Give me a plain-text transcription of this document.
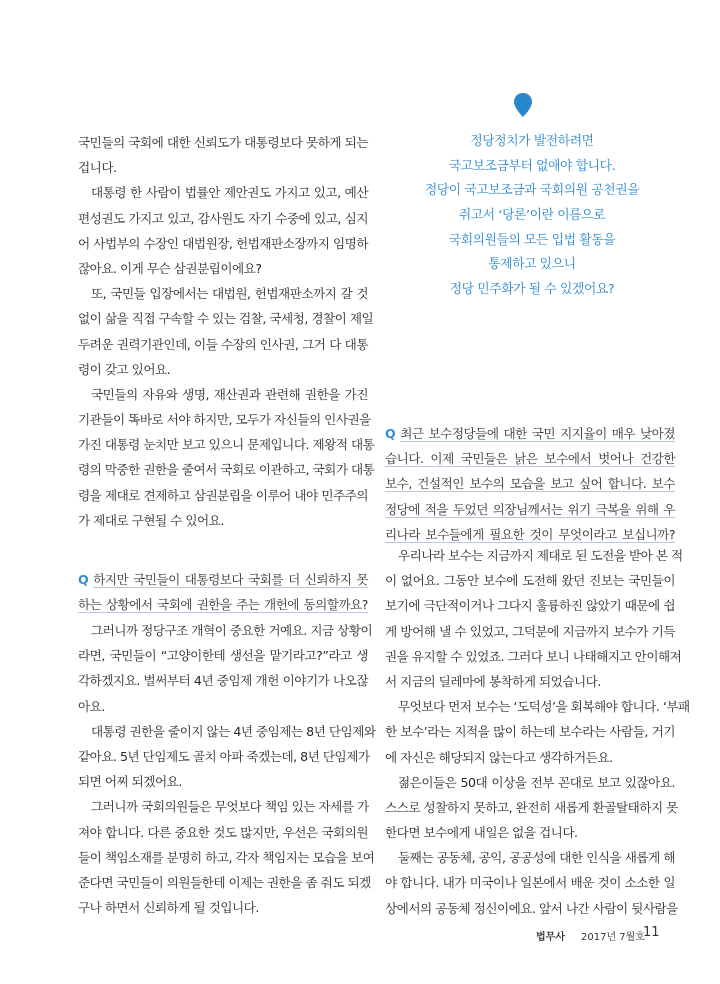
국민들의 국회에 대한 신뢰도가 대통령보다 못하게 되는

겁니다.

대통령 한 사람이 법률안 제안권도 가지고 있고, 예산

편성권도 가지고 있고, 감사원도 자기 수중에 있고, 심지

어 사법부의 수장인 대법원장, 헌법재판소장까지 임명하

잖아요. 이게 무슨 삼권분립이에요?

또, 국민들 입장에서는 대법원, 헌법재판소까지 갈 것

없이 삶을 직접 구속할 수 있는 검찰, 국세청, 경찰이 제일

두려운 권력기관인데, 이들 수장의 인사권, 그거 다 대통

령이 갖고 있어요.

국민들의 자유와 생명, 재산권과 관련해 권한을 가진

기관들이 똑바로 서야 하지만, 모두가 자신들의 인사권을

가진 대통령 눈치만 보고 있으니 문제입니다. 제왕적 대통

령의 막중한 권한을 줄여서 국회로 이관하고, 국회가 대통

령을 제대로 견제하고 삼권분립을 이루어 내야 민주주의

가 제대로 구현될 수 있어요.

Q 하지만 국민들이 대통령보다 국회를 더 신뢰하지 못

하는 상황에서 국회에 권한을 주는 개헌에 동의할까요?

그러니까 정당구조 개혁이 중요한 거예요. 지금 상황이

라면, 국민들이 “고양이한테 생선을 맡기라고?”라고 생

각하겠지요. 벌써부터 4년 중임제 개헌 이야기가 나오잖

아요.

대통령 권한을 줄이지 않는 4년 중임제는 8년 단임제와

같아요. 5년 단임제도 골치 아파 죽겠는데, 8년 단임제가

되면 어찌 되겠어요.

그러니까 국회의원들은 무엇보다 책임 있는 자세를 가

져야 합니다. 다른 중요한 것도 많지만, 우선은 국회의원

들이 책임소재를 분명히 하고, 각자 책임지는 모습을 보여

준다면 국민들이 의원들한테 이제는 권한을 좀 줘도 되겠

구나 하면서 신뢰하게 될 것입니다.

정당정치가 발전하려면

국고보조금부터 없애야 합니다.

정당이 국고보조금과 국회의원 공천권을

쥐고서 ‘당론’이란 이름으로

국회의원들의 모든 입법 활동을

통제하고 있으니

정당 민주화가 될 수 있겠어요?

Q 최근 보수정당들에 대한 국민 지지율이 매우 낮아졌

습니다. 이제 국민들은 낡은 보수에서 벗어나 건강한

보수, 건설적인 보수의 모습을 보고 싶어 합니다. 보수

정당에 적을 두었던 의장님께서는 위기 극복을 위해 우

리나라 보수들에게 필요한 것이 무엇이라고 보십니까?

우리나라 보수는 지금까지 제대로 된 도전을 받아 본 적

이 없어요. 그동안 보수에 도전해 왔던 진보는 국민들이

보기에 극단적이거나 그다지 훌륭하진 않았기 때문에 쉽

게 방어해 낼 수 있었고, 그덕분에 지금까지 보수가 기득

권을 유지할 수 있었죠. 그러다 보니 나태해지고 안이해져

서 지금의 딜레마에 봉착하게 되었습니다.

무엇보다 먼저 보수는 ‘도덕성’을 회복해야 합니다. ‘부패

한 보수’라는 지적을 많이 하는데 보수라는 사람들, 거기

에 자신은 해당되지 않는다고 생각하거든요.

젊은이들은 50대 이상을 전부 꼰대로 보고 있잖아요.

스스로 성찰하지 못하고, 완전히 새롭게 환골탈태하지 못

한다면 보수에게 내일은 없을 겁니다.

둘째는 공동체, 공익, 공공성에 대한 인식을 새롭게 해

야 합니다. 내가 미국이나 일본에서 배운 것이 소소한 일

상에서의 공동체 정신이에요. 앞서 나간 사람이 뒷사람을

법무사 2017년 7월호
11
